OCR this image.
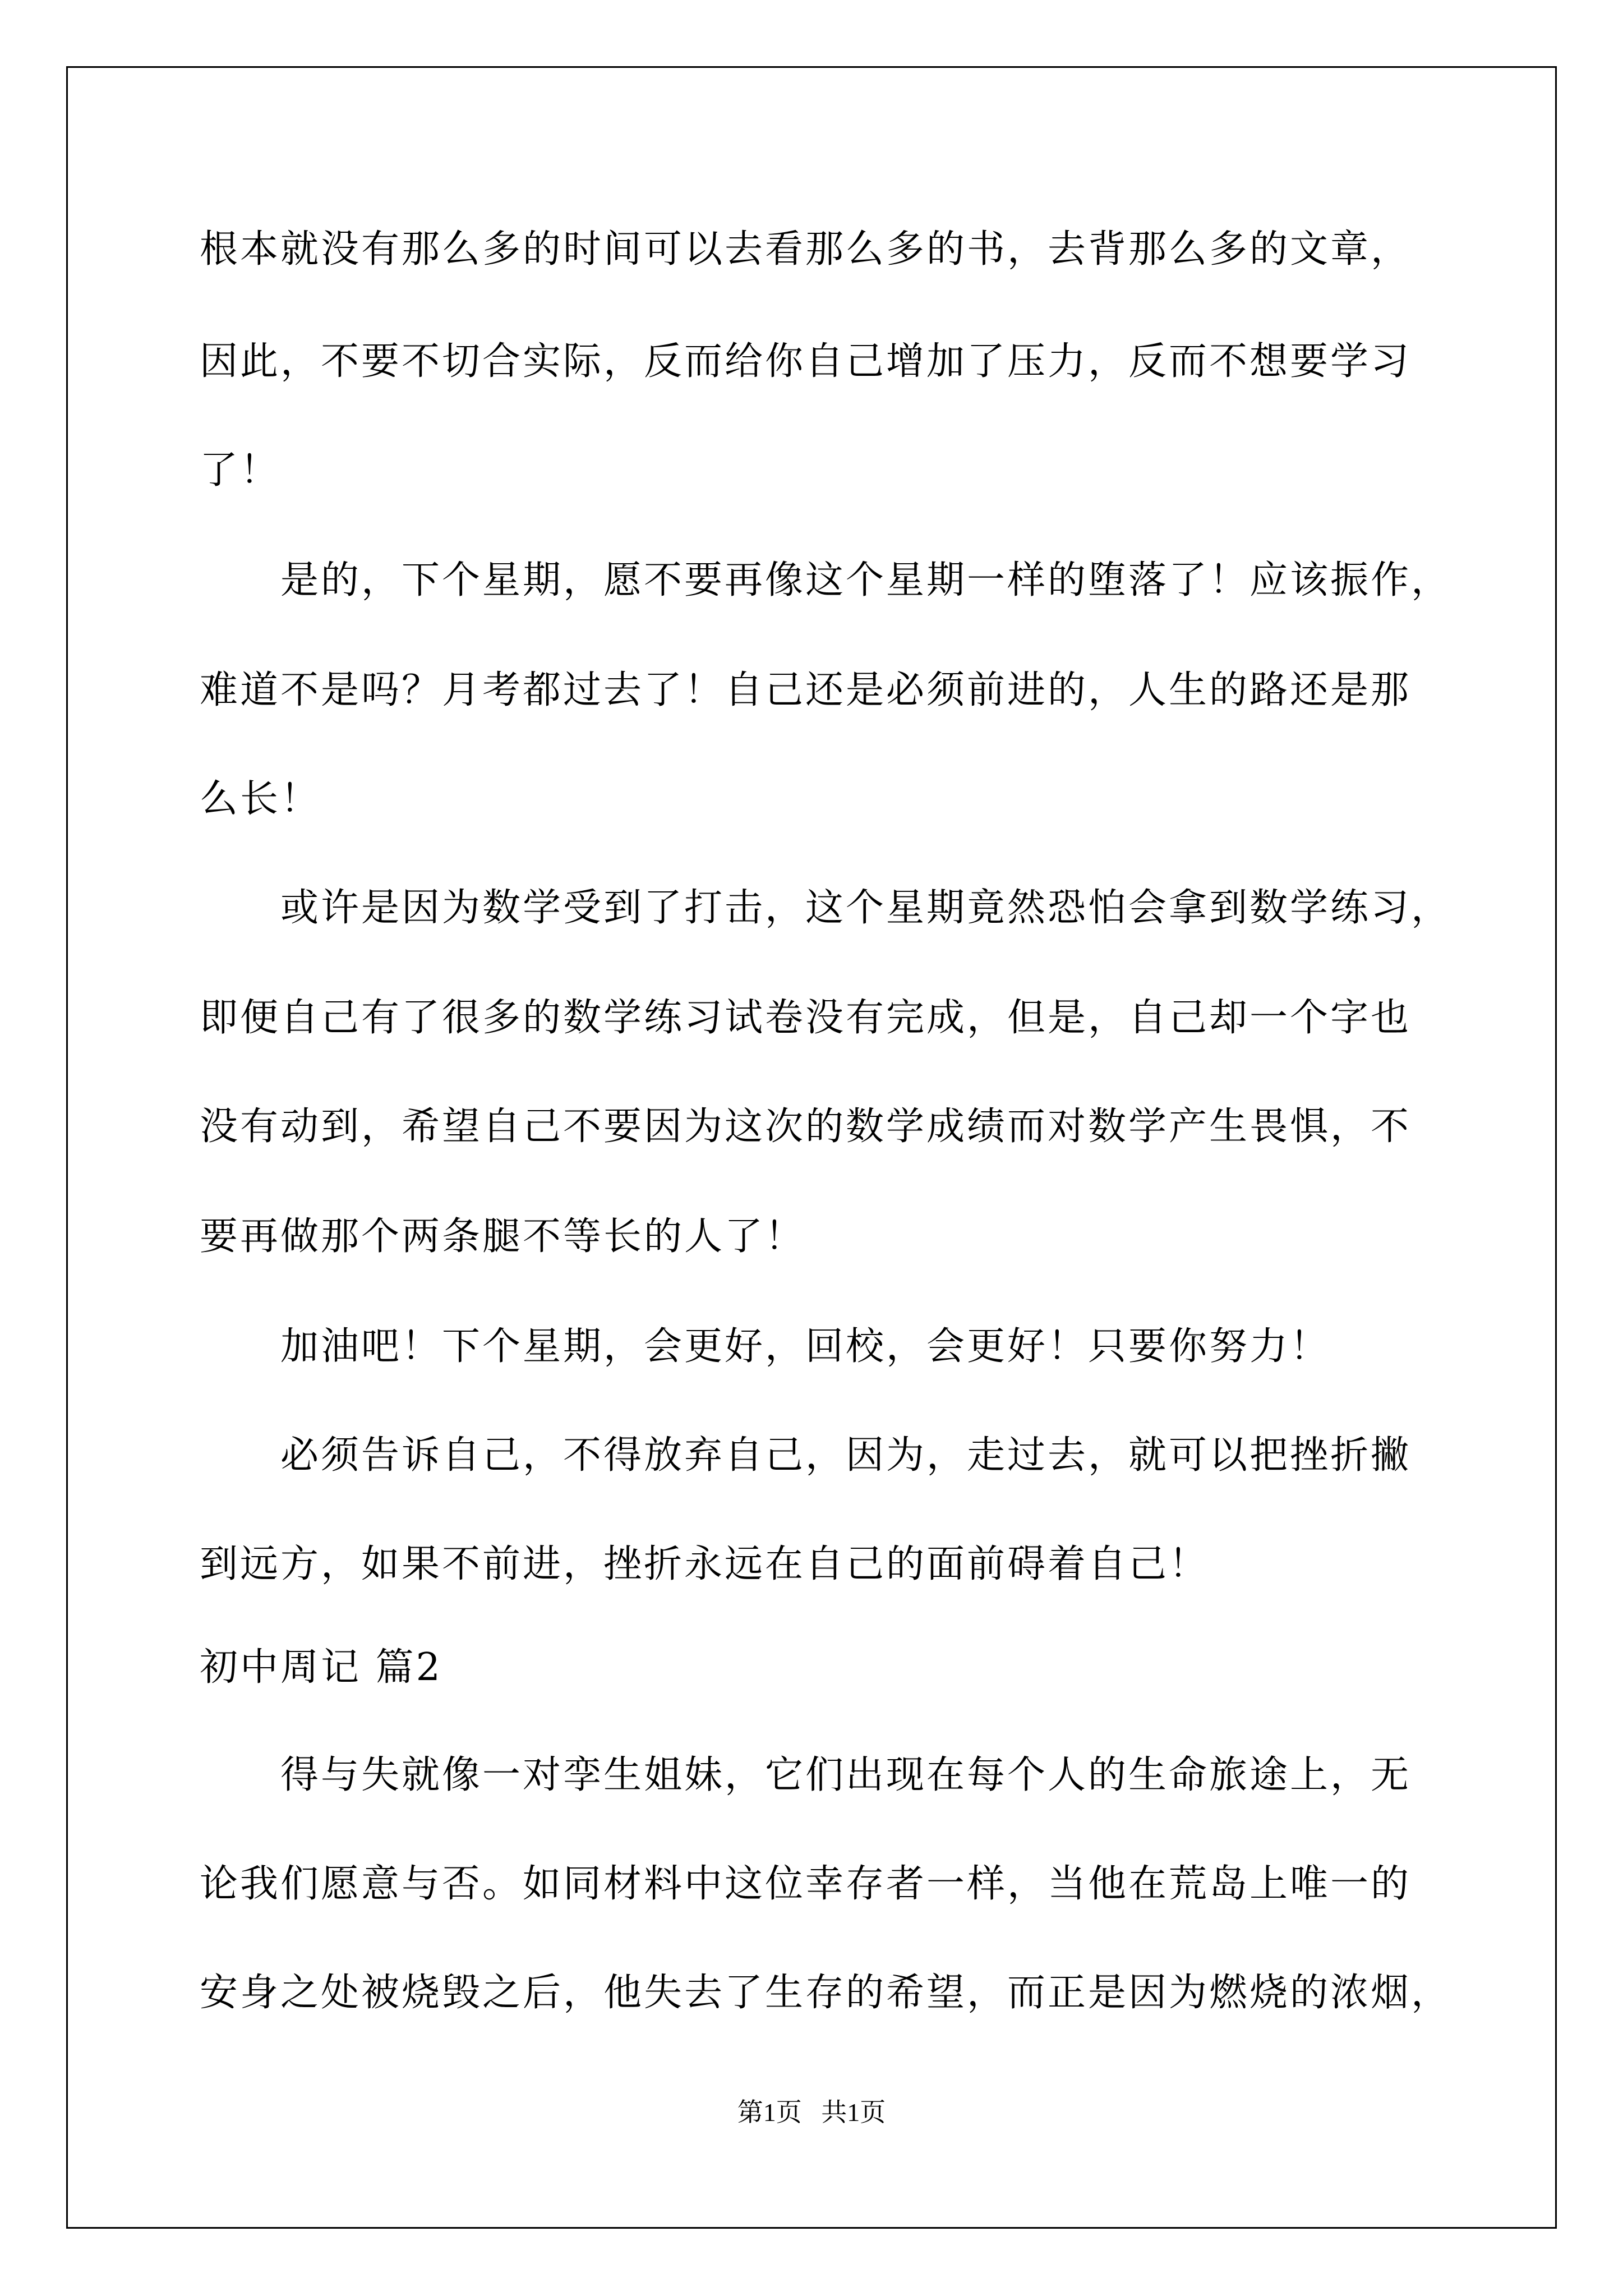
根本就没有那么多的时间可以去看那么多的书，去背那么多的文章，

因此，不要不切合实际，反而给你自己增加了压力，反而不想要学习

了！

是的，下个星期，愿不要再像这个星期一样的堕落了！应该振作，

难道不是吗？月考都过去了！自己还是必须前进的，人生的路还是那

么长！

或许是因为数学受到了打击，这个星期竟然恐怕会拿到数学练习，

即便自己有了很多的数学练习试卷没有完成，但是，自己却一个字也

没有动到，希望自己不要因为这次的数学成绩而对数学产生畏惧，不

要再做那个两条腿不等长的人了！

加油吧！下个星期，会更好，回校，会更好！只要你努力！

必须告诉自己，不得放弃自己，因为，走过去，就可以把挫折撇

到远方，如果不前进，挫折永远在自己的面前碍着自己！

初中周记 篇2

得与失就像一对孪生姐妹，它们出现在每个人的生命旅途上，无

论我们愿意与否。如同材料中这位幸存者一样，当他在荒岛上唯一的

安身之处被烧毁之后，他失去了生存的希望，而正是因为燃烧的浓烟，

第1页   共1页
